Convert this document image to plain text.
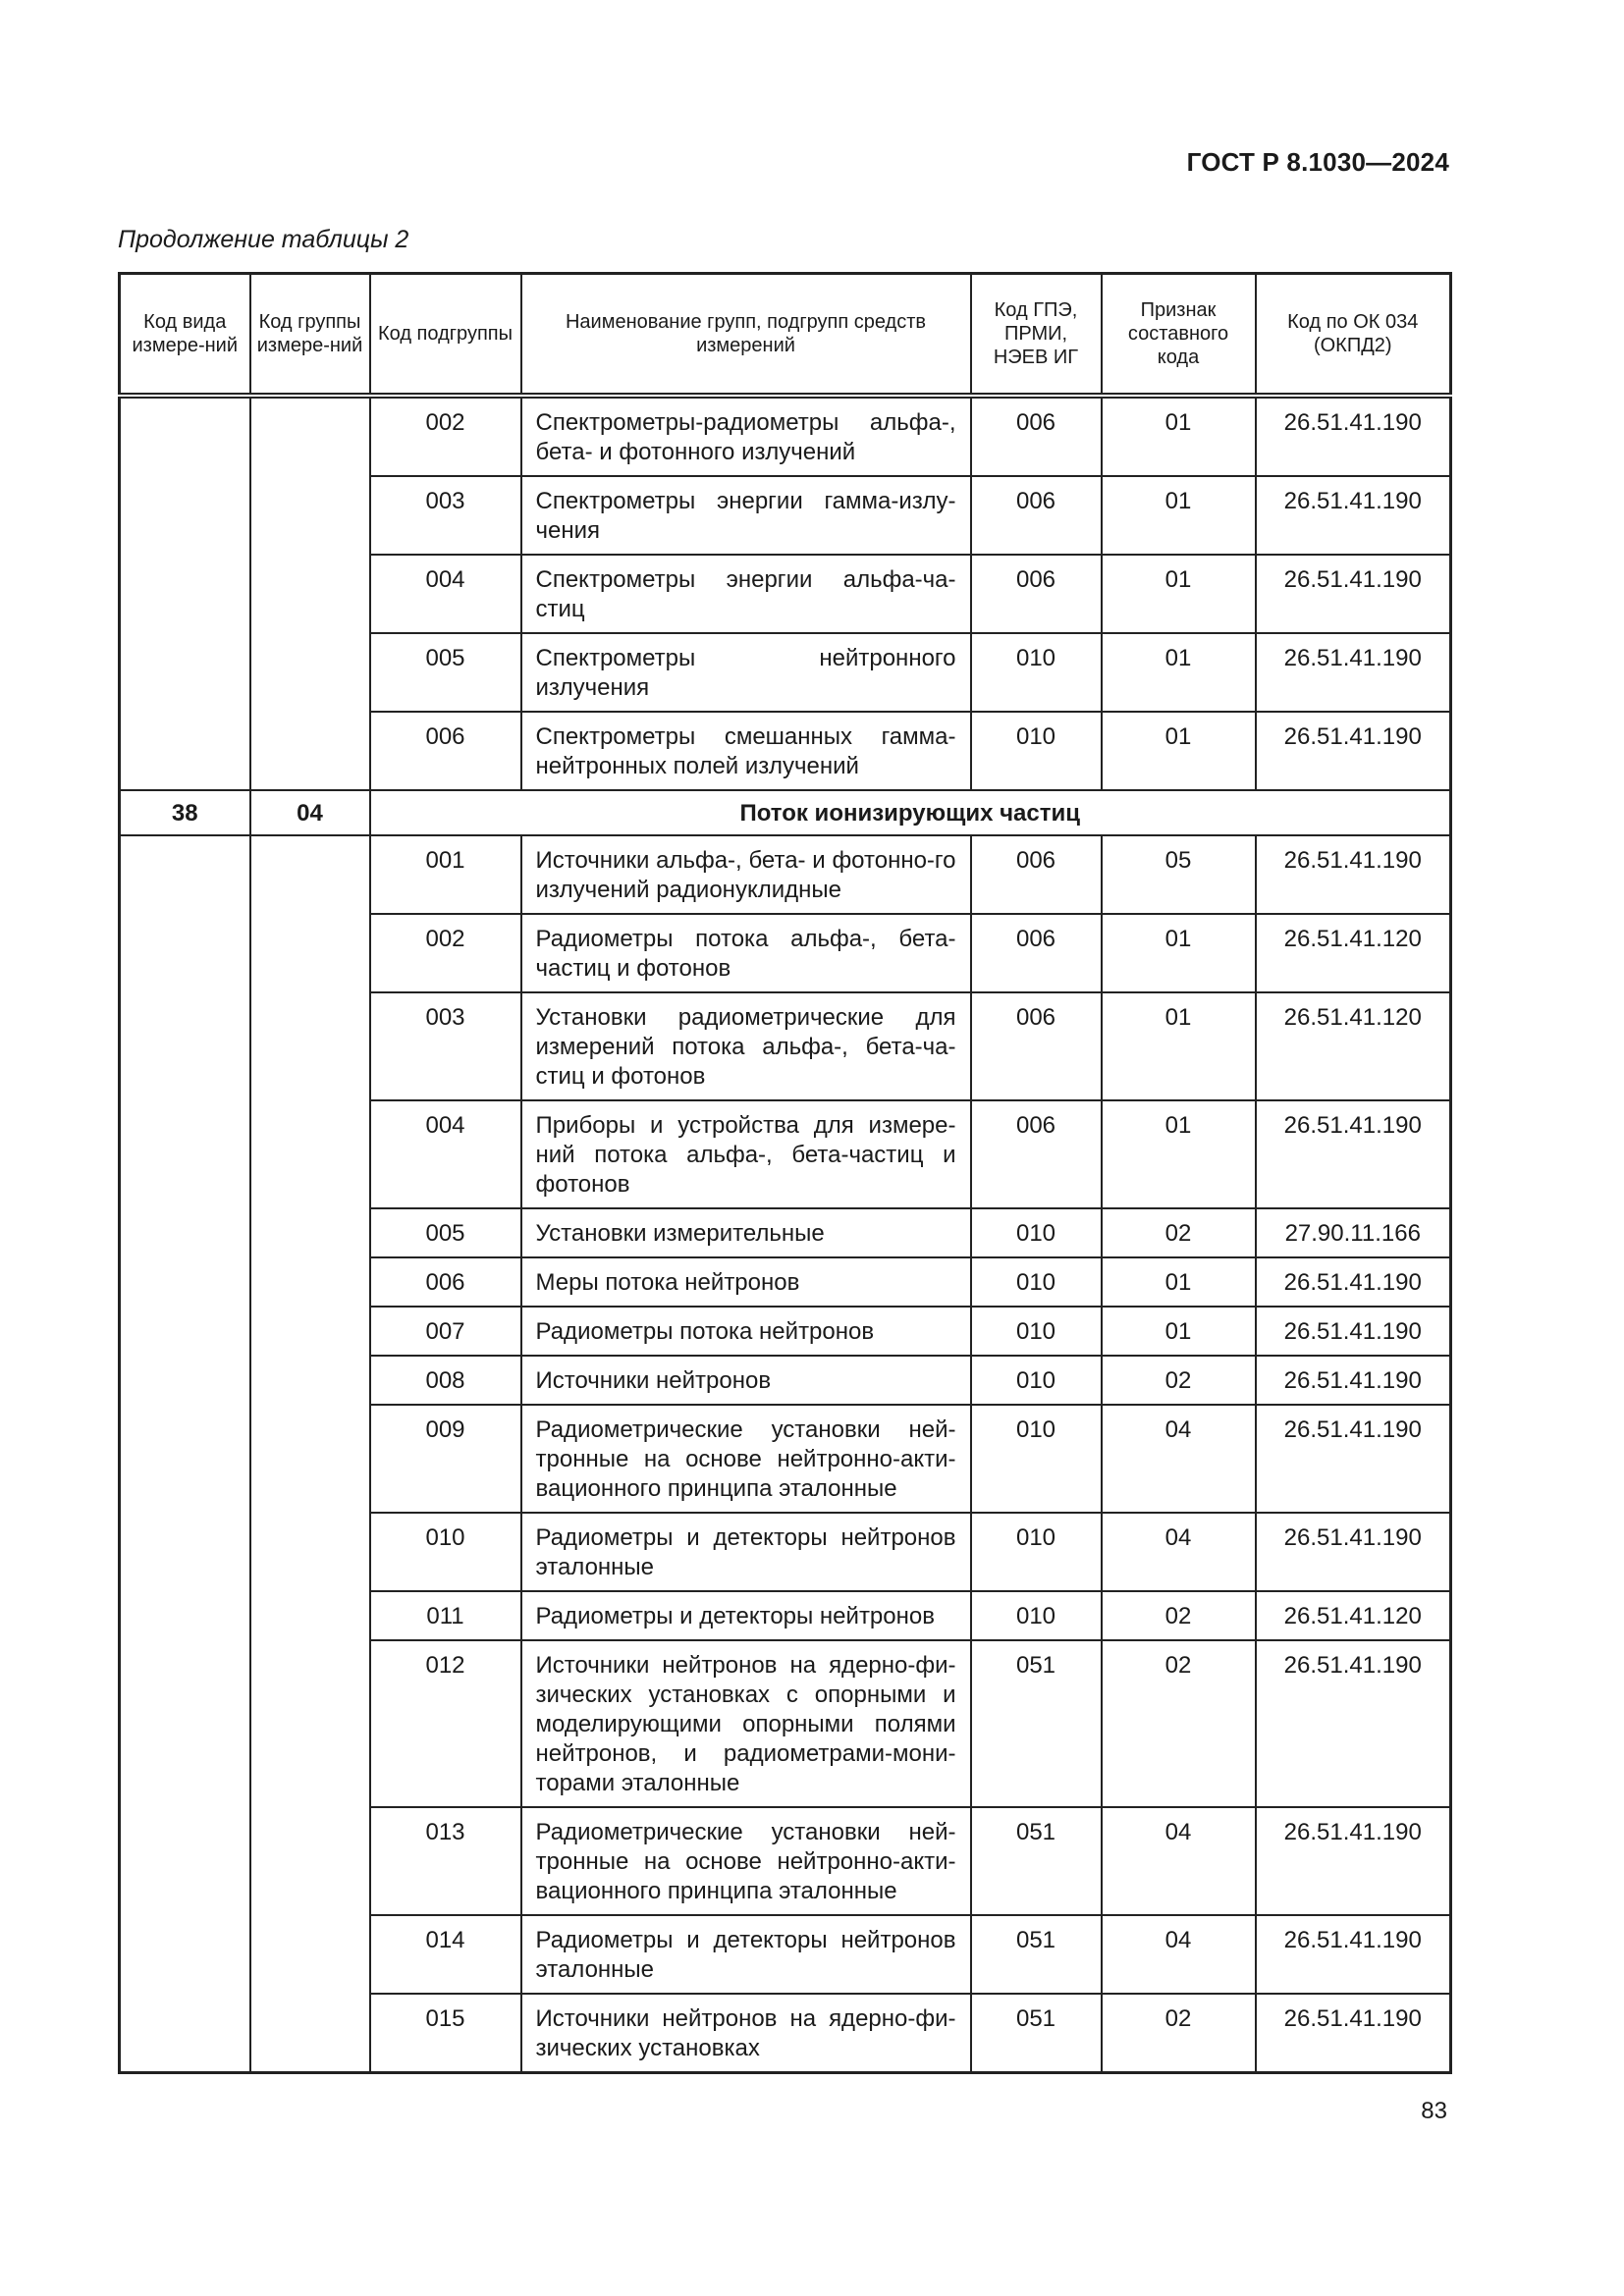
ГОСТ Р 8.1030—2024
Продолжение таблицы 2
Код вида измере-ний	Код группы измере-ний	Код подгруппы	Наименование групп, подгрупп средств измерений	Код ГПЭ, ПРМИ, НЭЕВ ИГ	Признак составного кода	Код по ОК 034 (ОКПД2)
		002	Спектрометры-радиометры альфа-, бета- и фотонного излучений	006	01	26.51.41.190
		003	Спектрометры энергии гамма-излу-чения	006	01	26.51.41.190
		004	Спектрометры энергии альфа-ча-стиц	006	01	26.51.41.190
		005	Спектрометры нейтронного излучения	010	01	26.51.41.190
		006	Спектрометры смешанных гамма-нейтронных полей излучений	010	01	26.51.41.190
38	04	Поток ионизирующих частиц				
		001	Источники альфа-, бета- и фотонно-го излучений радионуклидные	006	05	26.51.41.190
		002	Радиометры потока альфа-, бета-частиц и фотонов	006	01	26.51.41.120
		003	Установки радиометрические для измерений потока альфа-, бета-ча-стиц и фотонов	006	01	26.51.41.120
		004	Приборы и устройства для измере-ний потока альфа-, бета-частиц и фотонов	006	01	26.51.41.190
		005	Установки измерительные	010	02	27.90.11.166
		006	Меры потока нейтронов	010	01	26.51.41.190
		007	Радиометры потока нейтронов	010	01	26.51.41.190
		008	Источники нейтронов	010	02	26.51.41.190
		009	Радиометрические установки ней-тронные на основе нейтронно-акти-вационного принципа эталонные	010	04	26.51.41.190
		010	Радиометры и детекторы нейтронов эталонные	010	04	26.51.41.190
		011	Радиометры и детекторы нейтронов	010	02	26.51.41.120
		012	Источники нейтронов на ядерно-фи-зических установках с опорными и моделирующими опорными полями нейтронов, и радиометрами-мони-торами эталонные	051	02	26.51.41.190
		013	Радиометрические установки ней-тронные на основе нейтронно-акти-вационного принципа эталонные	051	04	26.51.41.190
		014	Радиометры и детекторы нейтронов эталонные	051	04	26.51.41.190
		015	Источники нейтронов на ядерно-фи-зических установках	051	02	26.51.41.190
83
